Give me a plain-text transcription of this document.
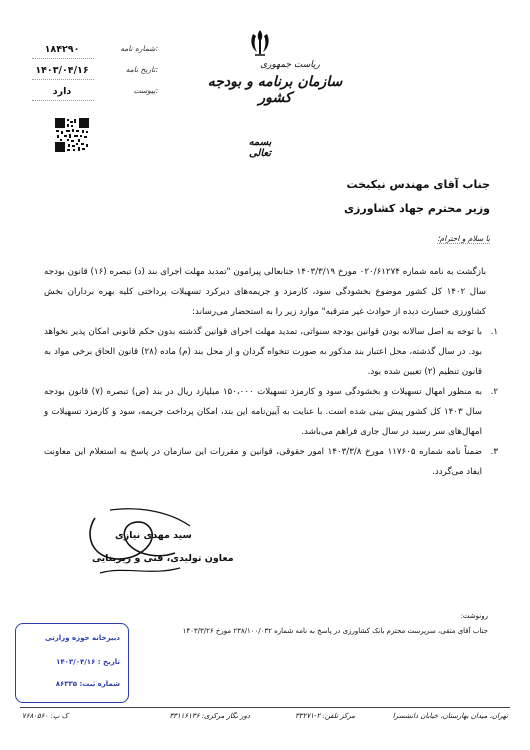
۱۸۴۲۹۰	شماره نامه:
۱۴۰۳/۰۴/۱۶	تاریخ نامه:
دارد	پیوست:
ریاست جمهوری
سازمان برنامه و بودجه کشور
بسمه تعالی
جناب آقای مهندس نیکبخت
وزیر محترم جهاد کشاورزی
با سلام و احترام؛
بازگشت به نامه شماره ۰۲۰/۶۱۲۷۴ مورخ ۱۴۰۳/۳/۱۹ جنابعالی پیرامون "تمدید مهلت اجرای بند (د) تبصره (۱۶) قانون بودجه سال ۱۴۰۲ کل کشور موضوع بخشودگی سود، کارمزد و جریمه‌های دیرکرد تسهیلات پرداختی کلیه بهره برداران بخش کشاورزی خسارت دیده از حوادث غیر مترقبه" موارد زیر را به استحضار می‌رساند:
۱.
با توجه به اصل سالانه بودن قوانین بودجه سنواتی، تمدید مهلت اجرای قوانین گذشته بدون حکم قانونی امکان پذیر نخواهد بود. در سال گذشته، محل اعتبار بند مذکور به صورت تنخواه گردان و از محل بند (م) ماده (۲۸) قانون الحاق برخی مواد به قانون تنظیم (۲) تعیین شده بود.
۲.
به منظور امهال تسهیلات و بخشودگی سود و کارمزد تسهیلات ۱۵۰،۰۰۰ میلیارد ریال در بند (ض) تبصره (۷) قانون بودجه سال ۱۴۰۳ کل کشور پیش بینی شده است. با عنایت به آیین‌نامه این بند، امکان پرداخت جریمه، سود و کارمزد تسهیلات و امهال‌های سر رسید در سال جاری فراهم می‌باشد.
۳.
ضمناً نامه شماره ۱۱۷۶۰۵ مورخ ۱۴۰۳/۳/۸ امور حقوقی، قوانین و مقررات این سازمان در پاسخ به استعلام این معاونت ایفاد می‌گردد.
سید مهدی نیازی
معاون تولیدی، فنی و زیربنایی
رونوشت:
جناب آقای متقی، سرپرست محترم بانک کشاورزی در پاسخ به نامه شماره ۲۳۸/۱۰۰/۰۳۲ مورخ ۱۴۰۳/۳/۲۶
دبیرخانه حوزه وزارتی
تاریخ : ۱۴۰۳/۰۴/۱۶
شماره ثبت: ۸۶۳۳۵
تهران، میدان بهارستان، خیابان دانشسرا
مرکز تلفن: ۲-۳۳۲۷۱
دور نگار مرکزی: ۳۳۱۱۶۱۳۶
ک پ: ۷۶۸۰۵۶۰
